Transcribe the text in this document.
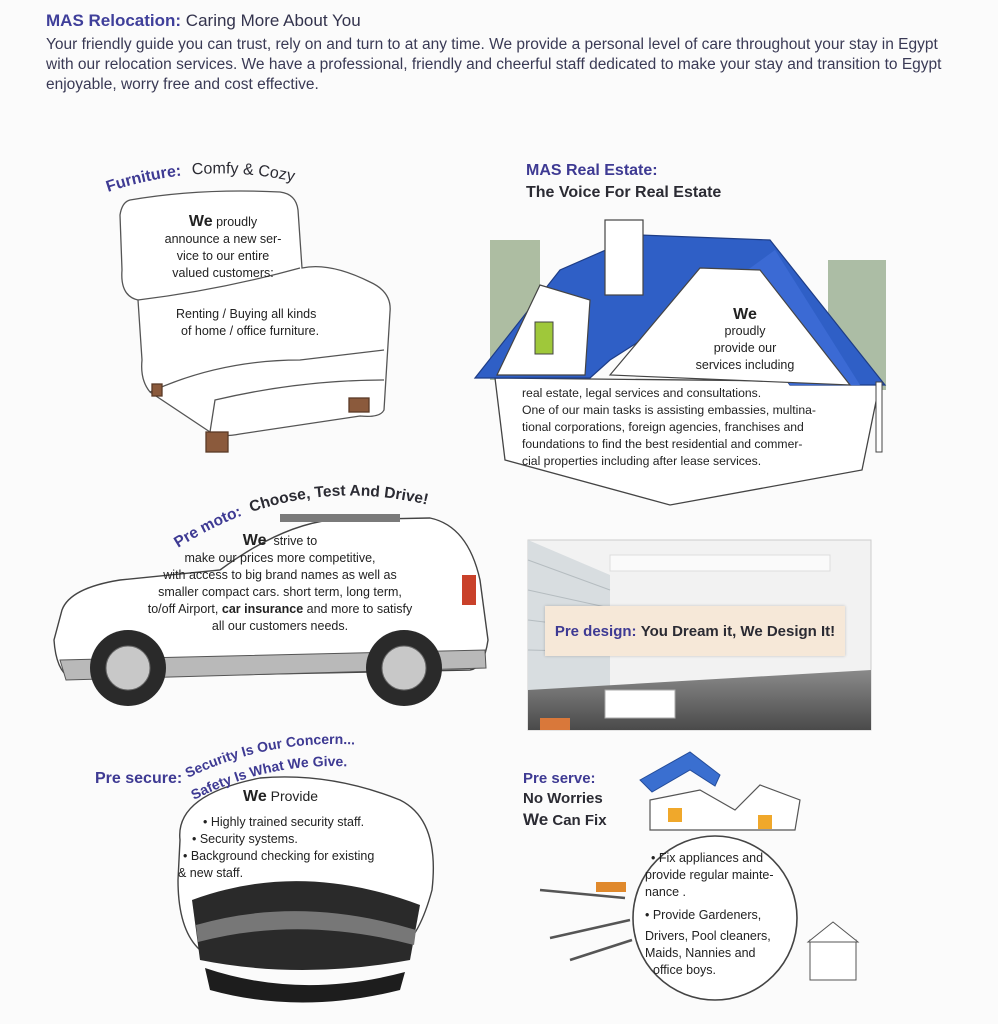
MAS Relocation: Caring More About You
Your friendly guide you can trust, rely on and turn to at any time. We provide a personal level of care throughout your stay in Egypt with our relocation services. We have a professional, friendly and cheerful staff dedicated to make your stay and transition to Egypt enjoyable, worry free and cost effective.
Furniture: Comfy & Cozy
Pre moto: Choose, Test And Drive!
Security Is Our Concern...
Safety Is What We Give.
We proudly
announce a new ser-
vice to our entire
valued customers:
Renting / Buying all kinds
of home / office furniture.
MAS Real Estate:
The Voice For Real Estate
We
proudly
provide our
services including
real estate, legal services and consultations.
One of our main tasks is assisting embassies, multina-
tional corporations, foreign agencies, franchises and
foundations to find the best residential and commer-
cial properties including after lease services.
We strive to
make our prices more competitive,
with access to big brand names as well as
smaller compact cars. short term, long term,
to/off Airport, car insurance and more to satisfy
all our customers needs.	Pre design:
You Dream it, We Design It!
Pre secure:
We Provide
• Highly trained security staff.
• Security systems.
• Background checking for existing
& new staff.
Pre serve:
No Worries
We Can Fix
• Fix appliances and
provide regular mainte-
nance .
• Provide Gardeners,
Drivers, Pool cleaners,
Maids, Nannies and
office boys.
